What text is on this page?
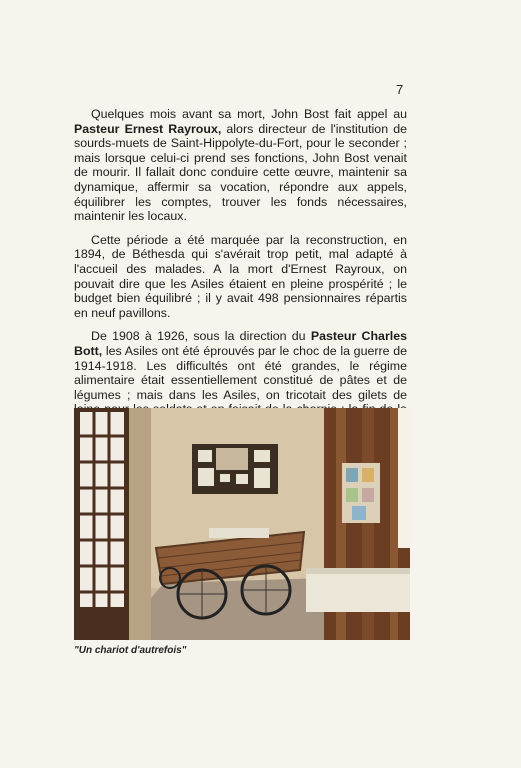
7

Quelques mois avant sa mort, John Bost fait appel au Pasteur Ernest Rayroux, alors directeur de l'institution de sourds-muets de Saint-Hippolyte-du-Fort, pour le seconder ; mais lorsque celui-ci prend ses fonctions, John Bost venait de mourir. Il fallait donc conduire cette œuvre, maintenir sa dynamique, affermir sa vocation, répondre aux appels, équilibrer les comptes, trouver les fonds nécessaires, maintenir les locaux.

Cette période a été marquée par la reconstruction, en 1894, de Béthesda qui s'avérait trop petit, mal adapté à l'accueil des malades. A la mort d'Ernest Rayroux, on pouvait dire que les Asiles étaient en pleine prospérité ; le budget bien équilibré ; il y avait 498 pensionnaires répartis en neuf pavillons.

De 1908 à 1926, sous la direction du Pasteur Charles Bott, les Asiles ont été éprouvés par le choc de la guerre de 1914-1918. Les difficultés ont été grandes, le régime alimentaire était essentiellement constitué de pâtes et de légumes ; mais dans les Asiles, on tricotait des gilets de

"Un chariot d'autrefois"
